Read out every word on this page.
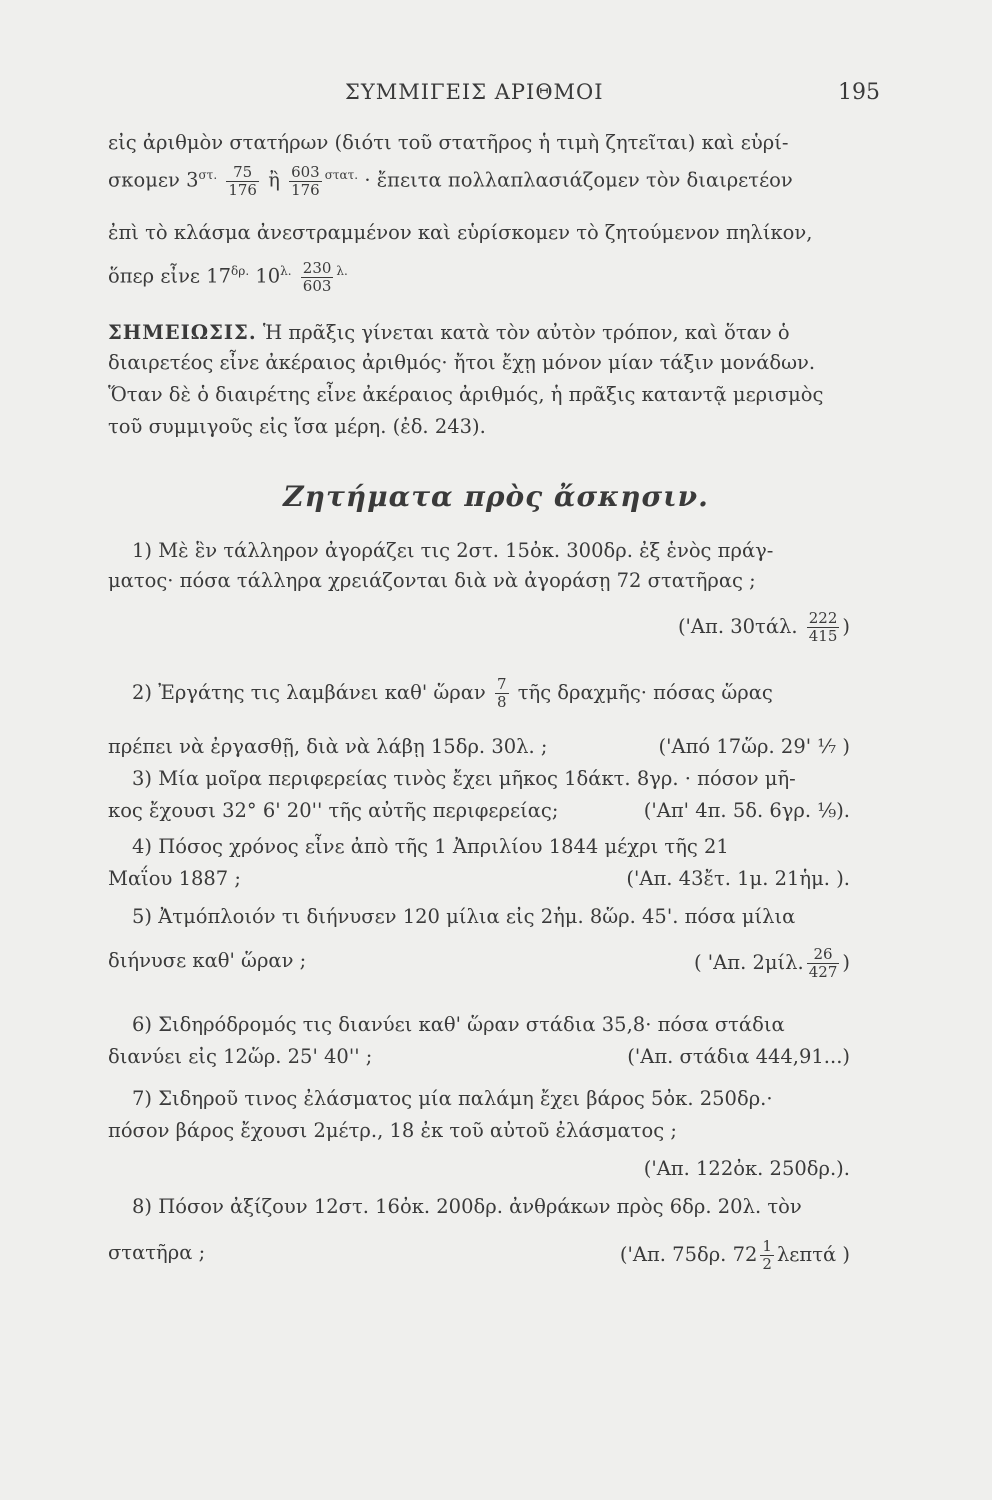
ΣΥΜΜΙΓΕΙΣ ΑΡΙΘΜΟΙ	195
εἰς ἀριθμὸν στατήρων (διότι τοῦ στατῆρος ἡ τιμὴ ζητεῖται) καὶ εὑρί-
σκομεν $3^{\sigma\tau.} \frac{75}{176}$ ἢ $\frac{603}{176} ^{\sigma\tau\alpha\tau.}$ · ἔπειτα πολλαπλασιάζομεν τὸν διαιρετέον
ἐπὶ τὸ κλάσμα ἀνεστραμμένον καὶ εὑρίσκομεν τὸ ζητούμενον πηλίκον,
ὅπερ εἶνε $17^{\delta\rho.}$ $10^{\lambda.} \frac{230}{603} ^{\lambda.}$
ΣΗΜΕΙΩΣΙΣ. Ἡ πρᾶξις γίνεται κατὰ τὸν αὐτὸν τρόπον, καὶ ὅταν ὁ
διαιρετέος εἶνε ἀκέραιος ἀριθμός· ἤτοι ἔχῃ μόνον μίαν τάξιν μονάδων.
Ὅταν δὲ ὁ διαιρέτης εἶνε ἀκέραιος ἀριθμός, ἡ πρᾶξις καταντᾷ μερισμὸς
τοῦ συμμιγοῦς εἰς ἴσα μέρη. (ἐδ. 243).
Ζητήματα πρὸς ἄσκησιν.
1) Μὲ ἓν τάλληρον ἀγοράζει τις 2στ. 15ὀκ. 300δρ. ἐξ ἑνὸς πράγ-
ματος· πόσα τάλληρα χρειάζονται διὰ νὰ ἀγοράσῃ 72 στατῆρας ;
('Απ. 30τάλ. $\frac{222}{415}$ )
2) Ἐργάτης τις λαμβάνει καθ' ὥραν $\frac{7}{8}$ τῆς δραχμῆς· πόσας ὥρας
πρέπει νὰ ἐργασθῇ, διὰ νὰ λάβῃ 15δρ. 30λ. ;	('Από 17ὥρ. 29' ⅐ )
3) Μία μοῖρα περιφερείας τινὸς ἔχει μῆκος 1δάκτ. 8γρ. · πόσον μῆ-
κος ἔχουσι 32° 6' 20'' τῆς αὐτῆς περιφερείας;	('Απ' 4π. 5δ. 6γρ. ⅑).
4) Πόσος χρόνος εἶνε ἀπὸ τῆς 1 Ἀπριλίου 1844 μέχρι τῆς 21
Μαΐου 1887 ;	('Απ. 43ἔτ. 1μ. 21ἡμ. ).
5) Ἀτμόπλοιόν τι διήνυσεν 120 μίλια εἰς 2ἡμ. 8ὥρ. 45'. πόσα μίλια
διήνυσε καθ' ὥραν ;	( 'Απ. 2μίλ. $\frac{26}{427}$ )
6) Σιδηρόδρομός τις διανύει καθ' ὥραν στάδια 35,8· πόσα στάδια
διανύει εἰς 12ὥρ. 25' 40'' ;	('Απ. στάδια 444,91...)
7) Σιδηροῦ τινος ἐλάσματος μία παλάμη ἔχει βάρος 5ὀκ. 250δρ.·
πόσον βάρος ἔχουσι 2μέτρ., 18 ἐκ τοῦ αὐτοῦ ἐλάσματος ;
('Απ. 122ὀκ. 250δρ.).
8) Πόσον ἀξίζουν 12στ. 16ὀκ. 200δρ. ἀνθράκων πρὸς 6δρ. 20λ. τὸν
στατῆρα ;	('Απ. 75δρ. $72 \frac{1}{2}$ λεπτά )
